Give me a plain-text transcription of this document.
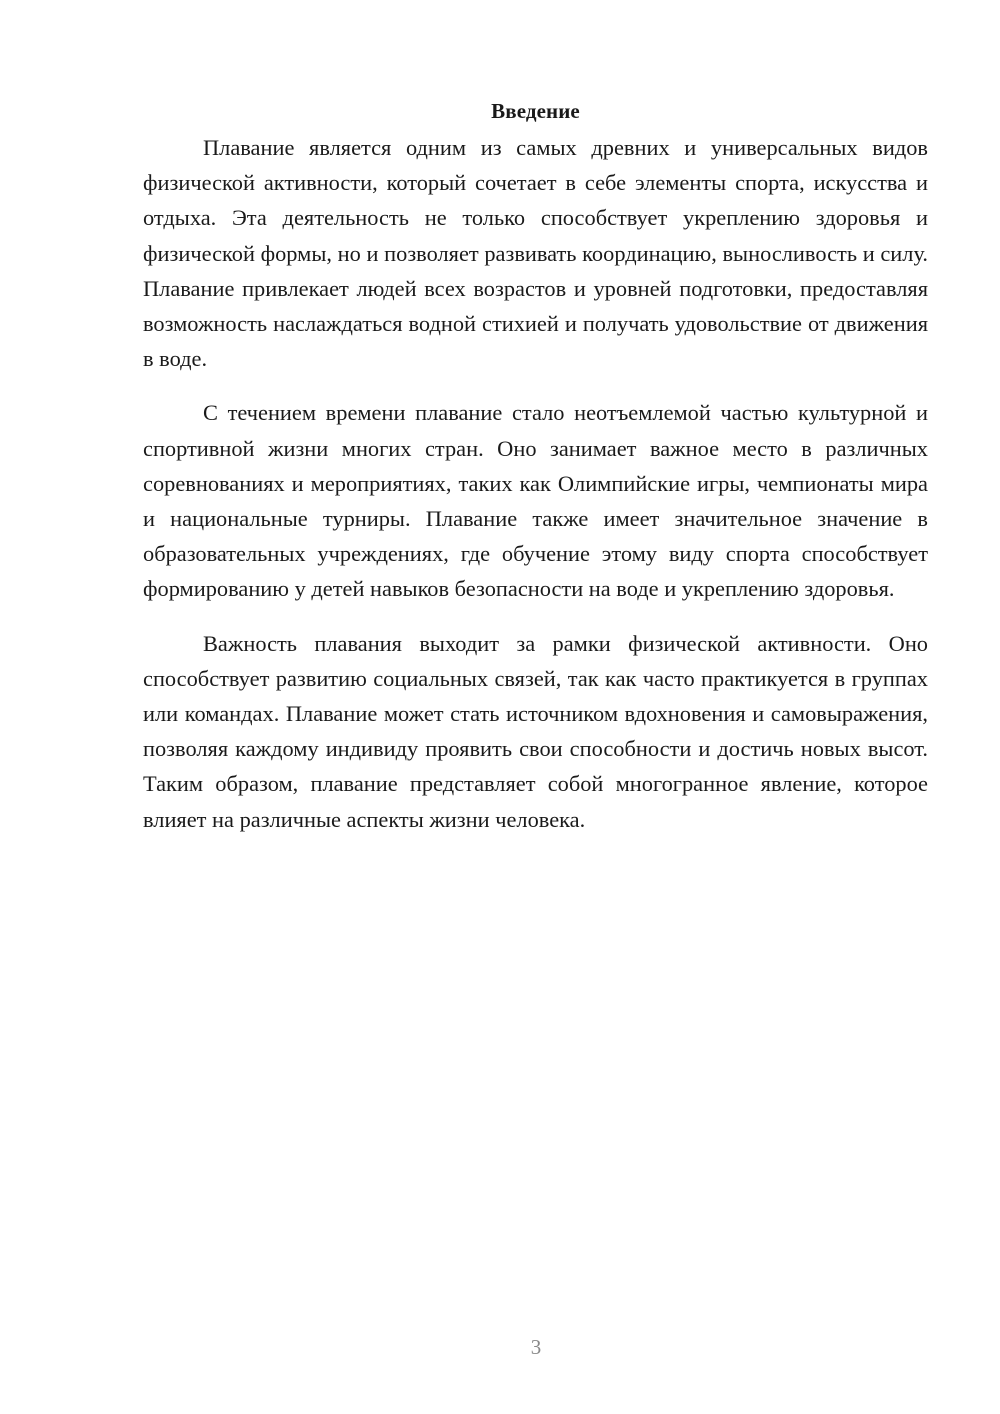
Введение

Плавание является одним из самых древних и универсальных видов физической активности, который сочетает в себе элементы спорта, искусства и отдыха. Эта деятельность не только способствует укреплению здоровья и физической формы, но и позволяет развивать координацию, выносливость и силу. Плавание привлекает людей всех возрастов и уровней подготовки, предоставляя возможность наслаждаться водной стихией и получать удовольствие от движения в воде.

С течением времени плавание стало неотъемлемой частью культурной и спортивной жизни многих стран. Оно занимает важное место в различных соревнованиях и мероприятиях, таких как Олимпийские игры, чемпионаты мира и национальные турниры. Плавание также имеет значительное значение в образовательных учреждениях, где обучение этому виду спорта способствует формированию у детей навыков безопасности на воде и укреплению здоровья.

Важность плавания выходит за рамки физической активности. Оно способствует развитию социальных связей, так как часто практикуется в группах или командах. Плавание может стать источником вдохновения и самовыражения, позволяя каждому индивиду проявить свои способности и достичь новых высот. Таким образом, плавание представляет собой многогранное явление, которое влияет на различные аспекты жизни человека.

3
